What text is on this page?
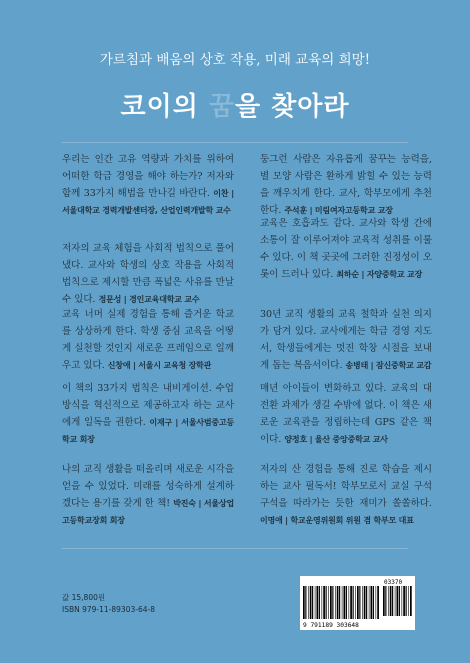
가르침과 배움의 상호 작용, 미래 교육의 희망!
코이의 꿈을 찾아라
우리는 인간 고유 역량과 가치를 위하여 어떠한 학급 경영을 해야 하는가? 저자와 함께 33가지 해법을 만나길 바란다. 이찬 | 서울대학교 경력개발센터장, 산업인력개발학 교수
저자의 교육 체험을 사회적 법칙으로 풀어냈다. 교사와 학생의 상호 작용을 사회적 법칙으로 제시할 만큼 폭넓은 사유를 만날 수 있다. 정문성 | 경인교육대학교 교수
교육 너머 실제 경험을 통해 즐거운 학교를 상상하게 한다. 학생 중심 교육을 어떻게 실천할 것인지 새로운 프레임으로 일깨우고 있다. 신창애 | 서울시 교육청 장학관
이 책의 33가지 법칙은 내비게이션. 수업 방식을 혁신적으로 제공하고자 하는 교사에게 일독을 권한다. 이재구 | 서울사범중고등학교 회장
나의 교직 생활을 떠올리며 새로운 시각을 얻을 수 있었다. 미래를 성숙하게 설계하겠다는 용기를 갖게 한 책! 박진숙 | 서울상업고등학교장회 회장
둥그런 사람은 자유롭게 꿈꾸는 능력을, 별 모양 사람은 환하게 밝힐 수 있는 능력을 깨우치게 한다. 교사, 학부모에게 추천한다. 주석훈 | 미림여자고등학교 교장
교육은 호흡과도 같다. 교사와 학생 간에 소통이 잘 이루어져야 교육적 성취를 이룰 수 있다. 이 책 곳곳에 그러한 진정성이 오롯이 드러나 있다. 최하순 | 자양중학교 교장
30년 교직 생활의 교육 철학과 실천 의지가 담겨 있다. 교사에게는 학급 경영 지도서, 학생들에게는 멋진 학창 시절을 보내게 돕는 복음서이다. 송병태 | 잠신중학교 교감
매년 아이들이 변화하고 있다. 교육의 대전환 과제가 생길 수밖에 없다. 이 책은 새로운 교육관을 정립하는데 GPS 같은 책이다. 양정호 | 울산 중앙중학교 교사
저자의 산 경험을 통해 진로 학습을 제시하는 교사 필독서! 학부모로서 교실 구석구석을 따라가는 듯한 재미가 쏠쏠하다. 이명애 | 학교운영위원회 위원 겸 학부모 대표
값 15,800원
ISBN 979-11-89303-64-8
03370
9 791189 303648
